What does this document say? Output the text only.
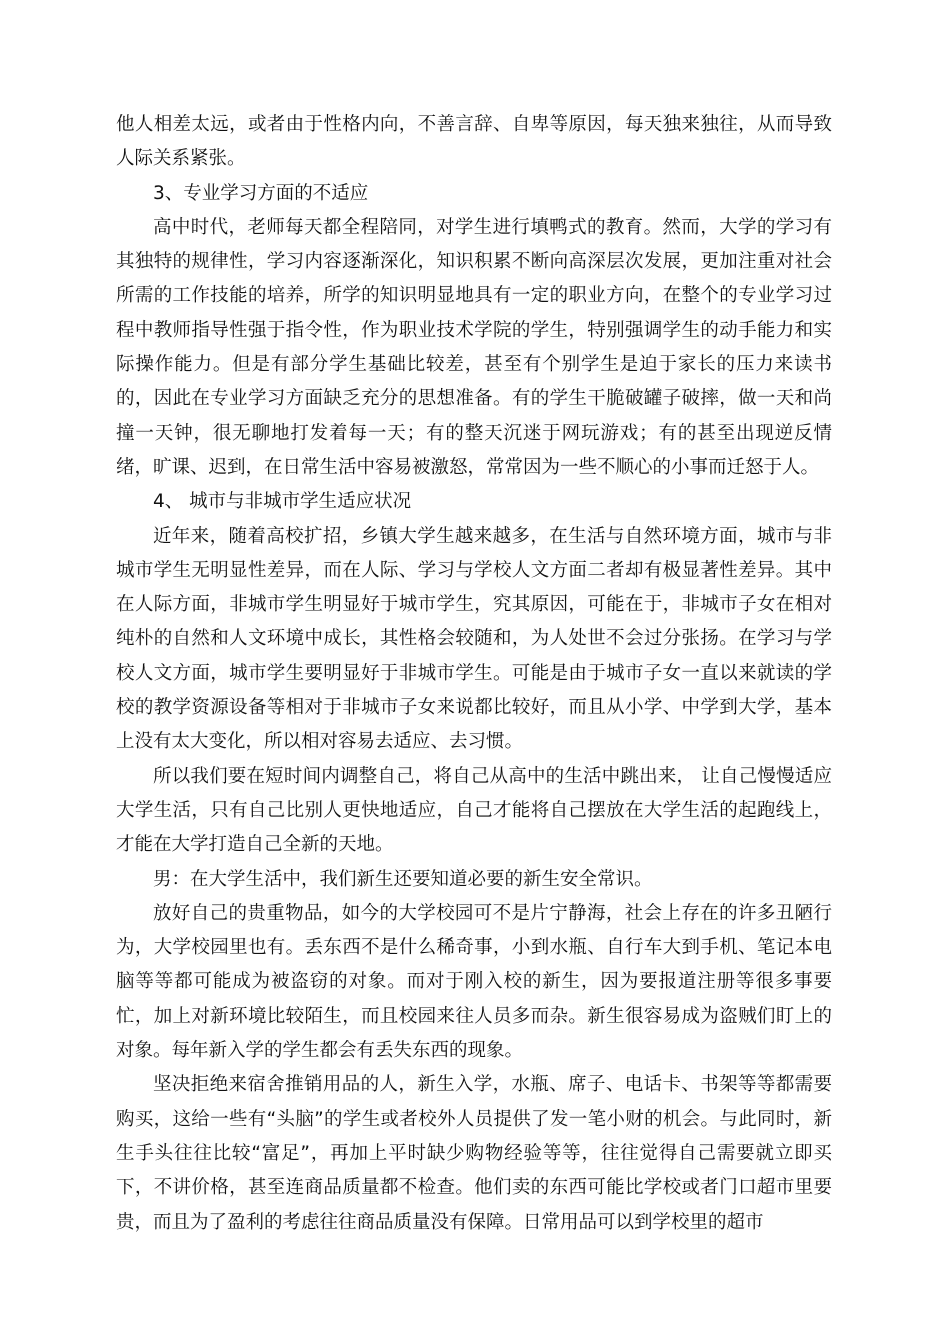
他人相差太远，或者由于性格内向，不善言辞、自卑等原因，每天独来独往，从而导致人际关系紧张。

3、专业学习方面的不适应

高中时代，老师每天都全程陪同，对学生进行填鸭式的教育。然而，大学的学习有其独特的规律性，学习内容逐渐深化，知识积累不断向高深层次发展，更加注重对社会所需的工作技能的培养，所学的知识明显地具有一定的职业方向，在整个的专业学习过程中教师指导性强于指令性，作为职业技术学院的学生，特别强调学生的动手能力和实际操作能力。但是有部分学生基础比较差，甚至有个别学生是迫于家长的压力来读书的，因此在专业学习方面缺乏充分的思想准备。有的学生干脆破罐子破摔，做一天和尚撞一天钟，很无聊地打发着每一天；有的整天沉迷于网玩游戏；有的甚至出现逆反情绪，旷课、迟到，在日常生活中容易被激怒，常常因为一些不顺心的小事而迁怒于人。

4、 城市与非城市学生适应状况

近年来，随着高校扩招，乡镇大学生越来越多，在生活与自然环境方面，城市与非城市学生无明显性差异，而在人际、学习与学校人文方面二者却有极显著性差异。其中在人际方面，非城市学生明显好于城市学生，究其原因，可能在于，非城市子女在相对纯朴的自然和人文环境中成长，其性格会较随和，为人处世不会过分张扬。在学习与学校人文方面，城市学生要明显好于非城市学生。可能是由于城市子女一直以来就读的学校的教学资源设备等相对于非城市子女来说都比较好，而且从小学、中学到大学，基本上没有太大变化，所以相对容易去适应、去习惯。

所以我们要在短时间内调整自己，将自己从高中的生活中跳出来， 让自己慢慢适应大学生活，只有自己比别人更快地适应，自己才能将自己摆放在大学生活的起跑线上，才能在大学打造自己全新的天地。

男：在大学生活中，我们新生还要知道必要的新生安全常识。

放好自己的贵重物品，如今的大学校园可不是片宁静海，社会上存在的许多丑陋行为，大学校园里也有。丢东西不是什么稀奇事，小到水瓶、自行车大到手机、笔记本电脑等等都可能成为被盗窃的对象。而对于刚入校的新生，因为要报道注册等很多事要忙，加上对新环境比较陌生，而且校园来往人员多而杂。新生很容易成为盗贼们盯上的对象。每年新入学的学生都会有丢失东西的现象。

坚决拒绝来宿舍推销用品的人，新生入学，水瓶、席子、电话卡、书架等等都需要购买，这给一些有“头脑”的学生或者校外人员提供了发一笔小财的机会。与此同时，新生手头往往比较“富足”，再加上平时缺少购物经验等等，往往觉得自己需要就立即买下，不讲价格，甚至连商品质量都不检查。他们卖的东西可能比学校或者门口超市里要贵，而且为了盈利的考虑往往商品质量没有保障。日常用品可以到学校里的超市
